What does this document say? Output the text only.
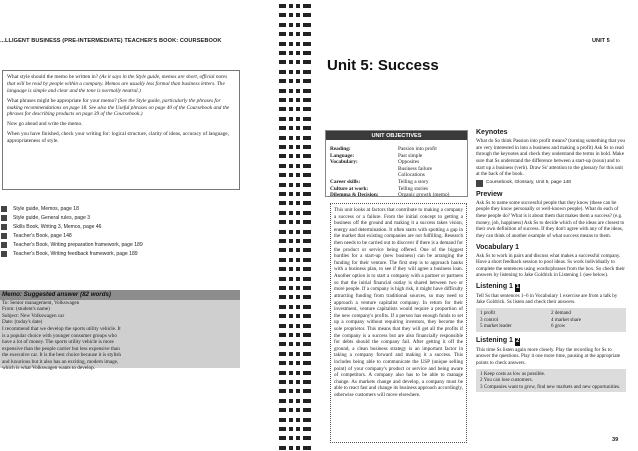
...LLIGENT BUSINESS (PRE-INTERMEDIATE) TEACHER'S BOOK: COURSEBOOK	UNIT 5

What style should the memo be written in? (As it says in the Style guide, memos are short, official notes that will be read by people within a company. Memos are usually less formal than business letters. The language is simple and clear and the tone is normally neutral.)

What phrases might be appropriate for your memo? (See the Style guide, particularly the phrases for making recommendations on page 18. See also the Useful phrases on page 40 of the Coursebook and the phrases for describing products on page 39 of the Coursebook.)

Now go ahead and write the memo.

When you have finished, check your writing for: logical structure, clarity of ideas, accuracy of language, appropriateness of style.

Style guide, Memos, page 18
Style guide, General rules, page 3
Skills Book, Writing 3, Memos, page 46
Teacher's Book, page 148
Teacher's Book, Writing preparation framework, page 189
Teacher's Book, Writing feedback framework, page 189
Memo: Suggested answer (82 words)
To: Senior management, Volkswagen
From: (student's name)
Subject: New Volkswagen car
Date: (today's date)
I recommend that we develop the sports utility vehicle. It
is a popular choice with younger consumer groups who
have a lot of money. The sports utility vehicle is more
expensive than the people carrier but less expensive than
the executive car. It is the best choice because it is stylish
and luxurious but it also has an exciting, modern image,
which is what Volkswagen wants to develop.
Unit 5: Success
UNIT OBJECTIVES
Reading:	Passion into profit
Language:	Past simple
Vocabulary:	Opposites
Business failure
Collocations
Career skills:	Telling a story
Culture at work:	Telling stories
Dilemma & Decision:	Organic growth (memo)
This unit looks at factors that contribute to making a company a success or a failure. From the initial concept to getting a business off the ground and making it a success takes vision, energy and determination. It often starts with spotting a gap in the market that existing companies are not fulfilling. Research then needs to be carried out to discover if there is a demand for the product or service being offered. One of the biggest hurdles for a start-up (new business) can be arranging the funding for their venture. The first step is to approach banks with a business plan, to see if they will agree a business loan. Another option is to start a company with a partner or partners so that the initial financial outlay is shared between two or more people. If a company is high risk, it might have difficulty attracting funding from traditional sources, so may need to approach a venture capitalist company. In return for their investment, venture capitalists would require a proportion of the new company's profits. If a person has enough funds to set up a company without requiring investors, they become the sole proprietor. This means that they will get all the profits if the company is a success but are also financially responsible for debts should the company fail. After getting it off the ground, a clean business strategy is an important factor in taking a company forward and making it a success. This includes being able to communicate the USP (unique selling point) of your company's product or service and being aware of competitors. A company also has to be able to manage change. As markets change and develop, a company must be able to react fast and change its business approach accordingly, otherwise customers will move elsewhere.
Keynotes

What do So think Passion into profit means? (turning something that you are very interested in into a business and making a profit) Ask Ss to read through the keynotes and check they understand the terms in bold. Make sure that Ss understand the difference between a start-up (noun) and to start up a business (verb). Draw Ss' attention to the glossary for this unit at the back of the book.

Coursebook, Glossary, Unit 5, page 148
Preview

Ask Ss to name some successful people that they know (these can be people they know personally or well-known people). What do each of these people do? What is it about them that makes them a success? (e.g. money, job, happiness) Ask Ss to decide which of the ideas are closest to their own definition of success. If they don't agree with any of the ideas, they can think of another example of what success means to them.

Vocabulary 1

Ask Ss to work in pairs and discuss what makes a successful company. Have a short feedback session to pool ideas. Ss work individually to complete the sentences using words/phrases from the box. So check their answers by listening to Jake Goldrick in Listening 1 (see below).

Listening 1 1

Tell Ss that sentences 1–6 in Vocabulary 1 exercise are from a talk by Jake Goldrick. Ss listen and check their answers.

1 profit	2 demand
3 control	4 market share
5 market leader	6 grow
Listening 1 2

This time Ss listen again more closely. Play the recording for Ss to answer the questions. Play it one more time, pausing at the appropriate points to check answers.

1 Keep costs as low as possible.
2 You can lose customers.
3 Companies want to grow, find new markets and new opportunities.
39
